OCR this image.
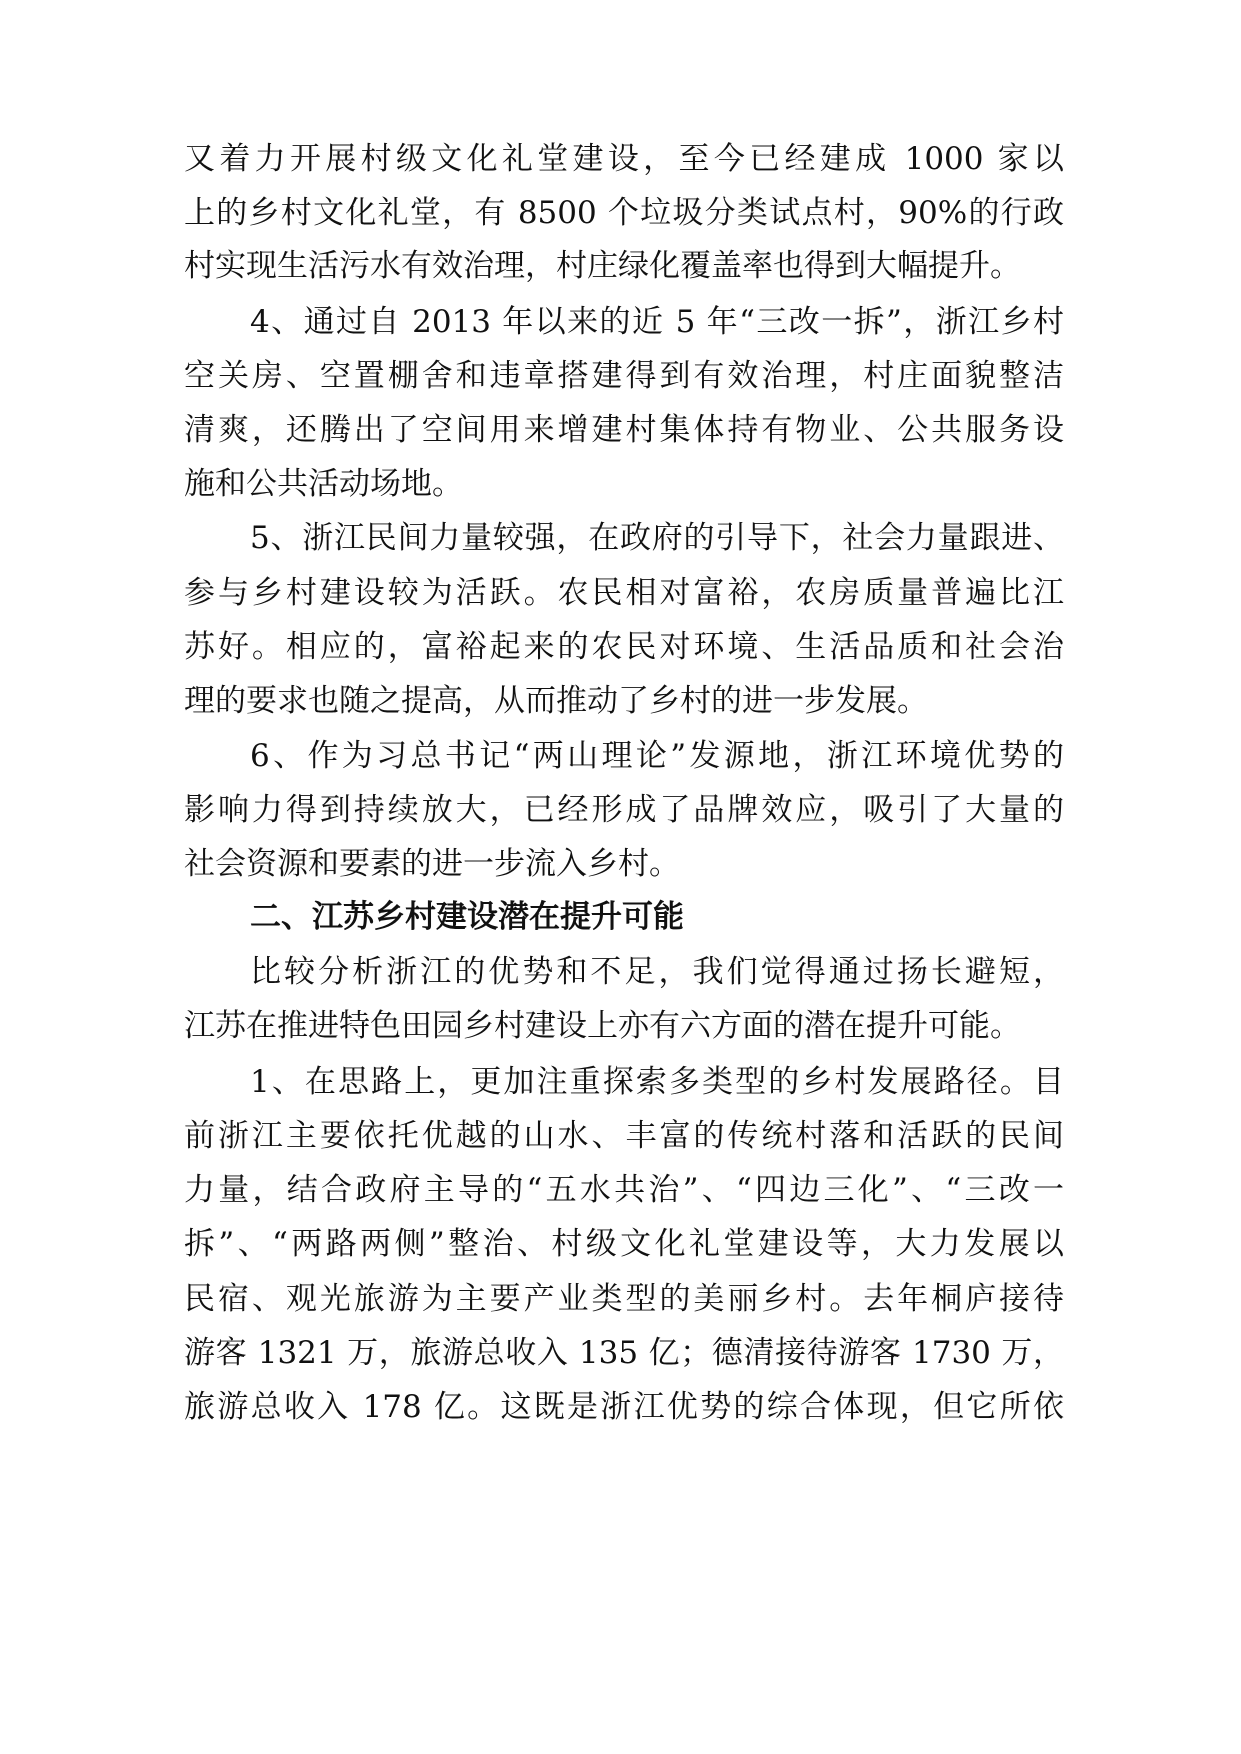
又着力开展村级文化礼堂建设，至今已经建成 1000 家以
上的乡村文化礼堂，有 8500 个垃圾分类试点村，90%的行政
村实现生活污水有效治理，村庄绿化覆盖率也得到大幅提升。
4、通过自 2013 年以来的近 5 年“三改一拆”，浙江乡村
空关房、空置棚舍和违章搭建得到有效治理，村庄面貌整洁
清爽，还腾出了空间用来增建村集体持有物业、公共服务设
施和公共活动场地。
5、浙江民间力量较强，在政府的引导下，社会力量跟进、
参与乡村建设较为活跃。农民相对富裕，农房质量普遍比江
苏好。相应的，富裕起来的农民对环境、生活品质和社会治
理的要求也随之提高，从而推动了乡村的进一步发展。
6、作为习总书记“两山理论”发源地，浙江环境优势的
影响力得到持续放大，已经形成了品牌效应，吸引了大量的
社会资源和要素的进一步流入乡村。
二、江苏乡村建设潜在提升可能
比较分析浙江的优势和不足，我们觉得通过扬长避短，
江苏在推进特色田园乡村建设上亦有六方面的潜在提升可能。
1、在思路上，更加注重探索多类型的乡村发展路径。目
前浙江主要依托优越的山水、丰富的传统村落和活跃的民间
力量，结合政府主导的“五水共治”、“四边三化”、“三改一
拆”、“两路两侧”整治、村级文化礼堂建设等，大力发展以
民宿、观光旅游为主要产业类型的美丽乡村。去年桐庐接待
游客 1321 万，旅游总收入 135 亿；德清接待游客 1730 万，
旅游总收入 178 亿。这既是浙江优势的综合体现，但它所依
